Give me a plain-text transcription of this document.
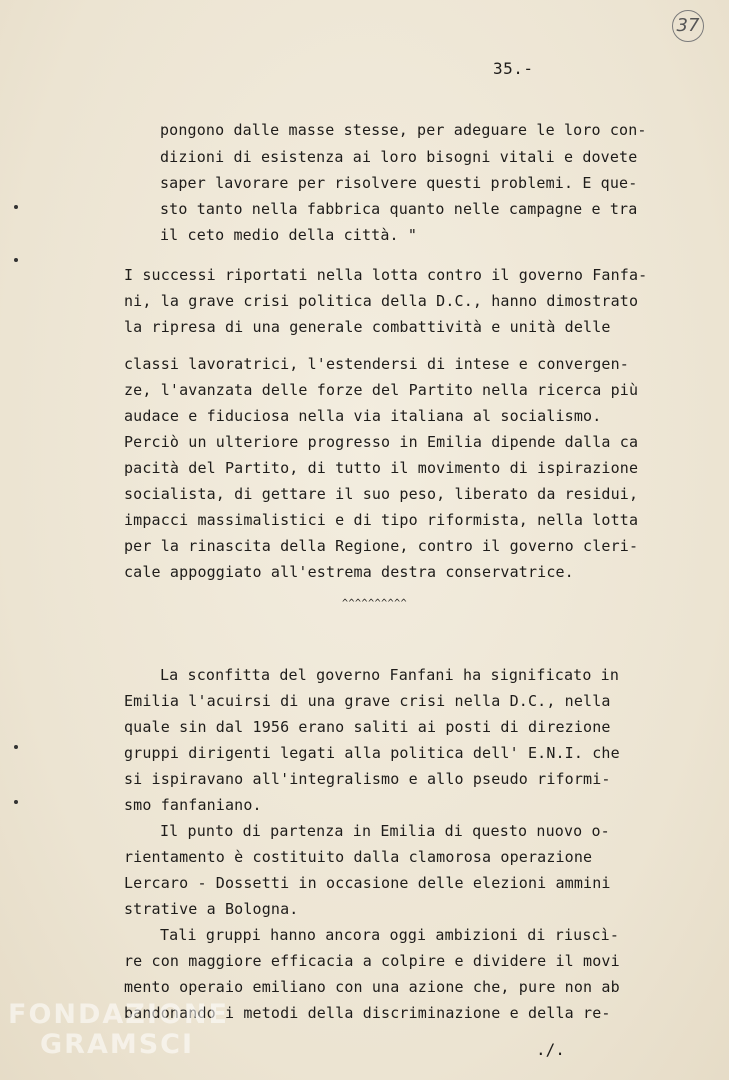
37
35.-
pongono dalle masse stesse, per adeguare le loro con-
dizioni di esistenza ai loro bisogni vitali e dovete
saper lavorare per risolvere questi problemi. E que-
sto tanto nella fabbrica quanto nelle campagne e tra
il ceto medio della città. "
I successi riportati nella lotta contro il governo Fanfa-
ni, la grave crisi politica della D.C., hanno dimostrato
la ripresa di una generale combattività e unità delle
classi lavoratrici, l'estendersi di intese e convergen-
ze, l'avanzata delle forze del Partito nella ricerca più
audace e fiduciosa nella via italiana al socialismo.
Perciò un ulteriore progresso in Emilia dipende dalla ca
pacità del Partito, di tutto il movimento di ispirazione
socialista, di gettare il suo peso, liberato da residui,
impacci massimalistici e di tipo riformista, nella lotta
per la rinascita della Regione, contro il governo cleri-
cale appoggiato all'estrema destra conservatrice.
^^^^^^^^^^
La sconfitta del governo Fanfani ha significato in
Emilia l'acuirsi di una grave crisi nella D.C., nella
quale sin dal 1956 erano saliti ai posti di direzione
gruppi dirigenti legati alla politica dell' E.N.I. che
si ispiravano all'integralismo e allo pseudo riformi-
smo fanfaniano.
Il punto di partenza in Emilia di questo nuovo o-
rientamento è costituito dalla clamorosa operazione
Lercaro - Dossetti in occasione delle elezioni ammini
strative a Bologna.
Tali gruppi hanno ancora oggi ambizioni di riuscì-
re con maggiore efficacia a colpire e dividere il movi
mento operaio emiliano con una azione che, pure non ab
bandonando i metodi della discriminazione e della re-
./.
FONDAZIONE
GRAMSCI
